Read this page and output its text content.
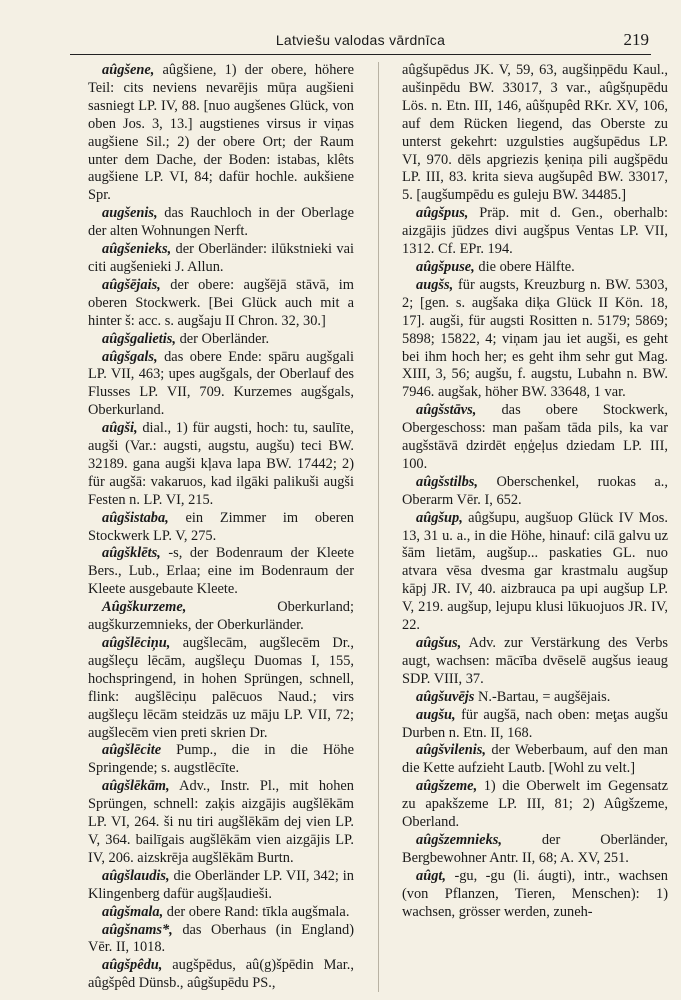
Latviešu valodas vārdnīca	219

aûgšene, aûgšiene, 1) der obere, höhere Teil: cits neviens nevarējis mūŗa augšieni sasniegt LP. IV, 88. [nuo augšenes Glück, von oben Jos. 3, 13.] augstienes virsus ir viņas augšiene Sil.; 2) der obere Ort; der Raum unter dem Dache, der Boden: istabas, klêts augšiene LP. VI, 84; dafür hochle. aukšiene Spr.

augšenis, das Rauchloch in der Oberlage der alten Wohnungen Nerft.

aûgšenieks, der Oberländer: ilūkstnieki vai citi augšenieki J. Allun.

aûgšējais, der obere: augšējā stāvā, im oberen Stockwerk. [Bei Glück auch mit a hinter š: acc. s. augšaju II Chron. 32, 30.]

aûgšgalietis, der Oberländer.

aûgšgals, das obere Ende: spāru augšgali LP. VII, 463; upes augšgals, der Oberlauf des Flusses LP. VII, 709. Kurzemes augšgals, Oberkurland.

aûgši, dial., 1) für augsti, hoch: tu, saulīte, augši (Var.: augsti, augstu, augšu) teci BW. 32189. gana augši kļava lapa BW. 17442; 2) für augšā: vakaruos, kad ilgāki palikuši augši Festen n. LP. VI, 215.

aûgšistaba, ein Zimmer im oberen Stockwerk LP. V, 275.

aûgšklēts, -s, der Bodenraum der Kleete Bers., Lub., Erlaa; eine im Bodenraum der Kleete ausgebaute Kleete.

Aûgškurzeme,	Oberkurland; augškurzemnieks, der Oberkurländer.

aûgšlēciņu, augšlecām, augšlecēm Dr., augšleçu lēcām, augšleçu Duomas I, 155, hochspringend, in hohen Sprüngen, schnell, flink: augšlēciņu palēcuos Naud.; virs augšleçu lēcām steidzās uz māju LP. VII, 72; augšlecēm vien preti skrien Dr.

aûgšlēcite Pump., die in die Höhe Springende; s. augstlēcīte.

aûgšlēkām, Adv., Instr. Pl., mit hohen Sprüngen, schnell: zaķis aizgājis augšlēkām LP. VI, 264. ši nu tiri augšlēkām dej vien LP. V, 364. bailīgais augšlēkām vien aizgājis LP. IV, 206. aizskrēja augšlēkām Burtn.

aûgšlaudis, die Oberländer LP. VII, 342; in Klingenberg dafür augšļaudieši.

aûgšmala, der obere Rand: tīkla augšmala.

aûgšnams*, das Oberhaus (in England) Vēr. II, 1018.

aûgšpêdu, augšpēdus, aû(g)špēdin Mar., aûgšpêd Dünsb., aûgšupēdu PS.,

aûgšupēdus JK. V, 59, 63, augšiņpēdu Kaul., aušinpēdu BW. 33017, 3 var., aûgšņupēdu Lös. n. Etn. III, 146, aûšņupêd RKr. XV, 106, auf dem Rücken liegend, das Oberste zu unterst gekehrt: uzgulsties augšupēdus LP. VI, 970. dēls apgriezis ķeniņa pili augšpēdu LP. III, 83. krita sieva augšupêd BW. 33017, 5. [augšumpēdu es guleju BW. 34485.]

aûgšpus, Präp. mit d. Gen., oberhalb: aizgājis jūdzes divi augšpus Ventas LP. VII, 1312. Cf. EPr. 194.

aûgšpuse, die obere Hälfte.

augšs, für augsts, Kreuzburg n. BW. 5303, 2; [gen. s. augšaka diķa Glück II Kön. 18, 17]. augši, für augsti Rositten n. 5179; 5869; 5898; 15822, 4; viņam jau iet augši, es geht bei ihm hoch her; es geht ihm sehr gut Mag. XIII, 3, 56; augšu, f. augstu, Lubahn n. BW. 7946. augšak, höher BW. 33648, 1 var.

aûgšstāvs, das obere Stockwerk, Obergeschoss: man pašam tāda pils, ka var augšstāvā dzirdēt eņģeļus dziedam LP. III, 100.

aûgšstilbs, Oberschenkel, ruokas a., Oberarm Vēr. I, 652.

aûgšup, aûgšupu, augšuop Glück IV Mos. 13, 31 u. a., in die Höhe, hinauf: cilā galvu uz šām lietām, augšup... paskaties GL. nuo atvara vēsa dvesma gar krastmalu augšup kāpj JR. IV, 40. aizbrauca pa upi augšup LP. V, 219. augšup, lejupu klusi lūkuojuos JR. IV, 22.

aûgšus, Adv. zur Verstärkung des Verbs augt, wachsen: mācība dvēselē augšus ieaug SDP. VIII, 37.

aûgšuvējs N.-Bartau, = augšējais.

augšu, für augšā, nach oben: meţas augšu Durben n. Etn. II, 168.

aûgšvilenis, der Weberbaum, auf den man die Kette aufzieht Lautb. [Wohl zu velt.]

aûgšzeme, 1) die Oberwelt im Gegensatz zu apakšzeme LP. III, 81; 2) Aûgšzeme, Oberland.

aûgšzemnieks,	der Oberländer, Bergbewohner Antr. II, 68; A. XV, 251.

aûgt, -gu, -gu (li. áugti), intr., wachsen (von Pflanzen, Tieren, Menschen): 1) wachsen, grösser werden, zuneh-
